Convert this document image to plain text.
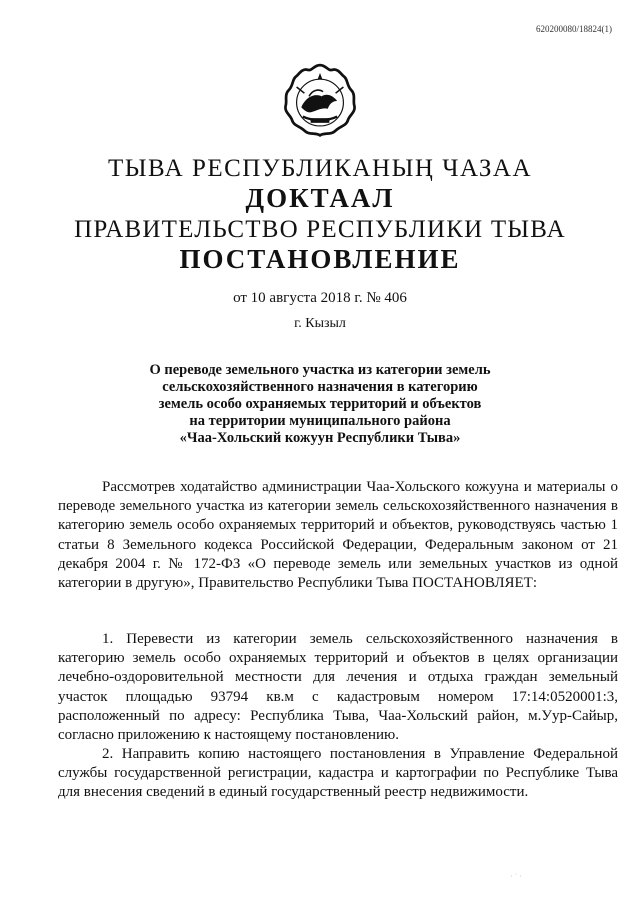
620200080/18824(1)
ТЫВА РЕСПУБЛИКАНЫҢ ЧАЗАА
ДОКТААЛ
ПРАВИТЕЛЬСТВО РЕСПУБЛИКИ ТЫВА
ПОСТАНОВЛЕНИЕ
от 10 августа 2018 г. № 406
г. Кызыл
О переводе земельного участка из категории земель
сельскохозяйственного назначения в категорию
земель особо охраняемых территорий и объектов
на территории муниципального района
«Чаа-Хольский кожуун Республики Тыва»

Рассмотрев ходатайство администрации Чаа-Хольского кожууна и материалы о переводе земельного участка из категории земель сельскохозяйственного назначения в категорию земель особо охраняемых территорий и объектов, руководствуясь частью 1 статьи 8 Земельного кодекса Российской Федерации, Федеральным законом от 21 декабря 2004 г. № 172-ФЗ «О переводе земель или земельных участков из одной категории в другую», Правительство Республики Тыва ПОСТАНОВЛЯЕТ:

1. Перевести из категории земель сельскохозяйственного назначения в категорию земель особо охраняемых территорий и объектов в целях организации лечебно-оздоровительной местности для лечения и отдыха граждан земельный участок площадью 93794 кв.м с кадастровым номером 17:14:0520001:3, расположенный по адресу: Республика Тыва, Чаа-Хольский район, м.Уур-Сайыр, согласно приложению к настоящему постановлению.

2. Направить копию настоящего постановления в Управление Федеральной службы государственной регистрации, кадастра и картографии по Республике Тыва для внесения сведений в единый государственный реестр недвижимости.

· ˙ ·
